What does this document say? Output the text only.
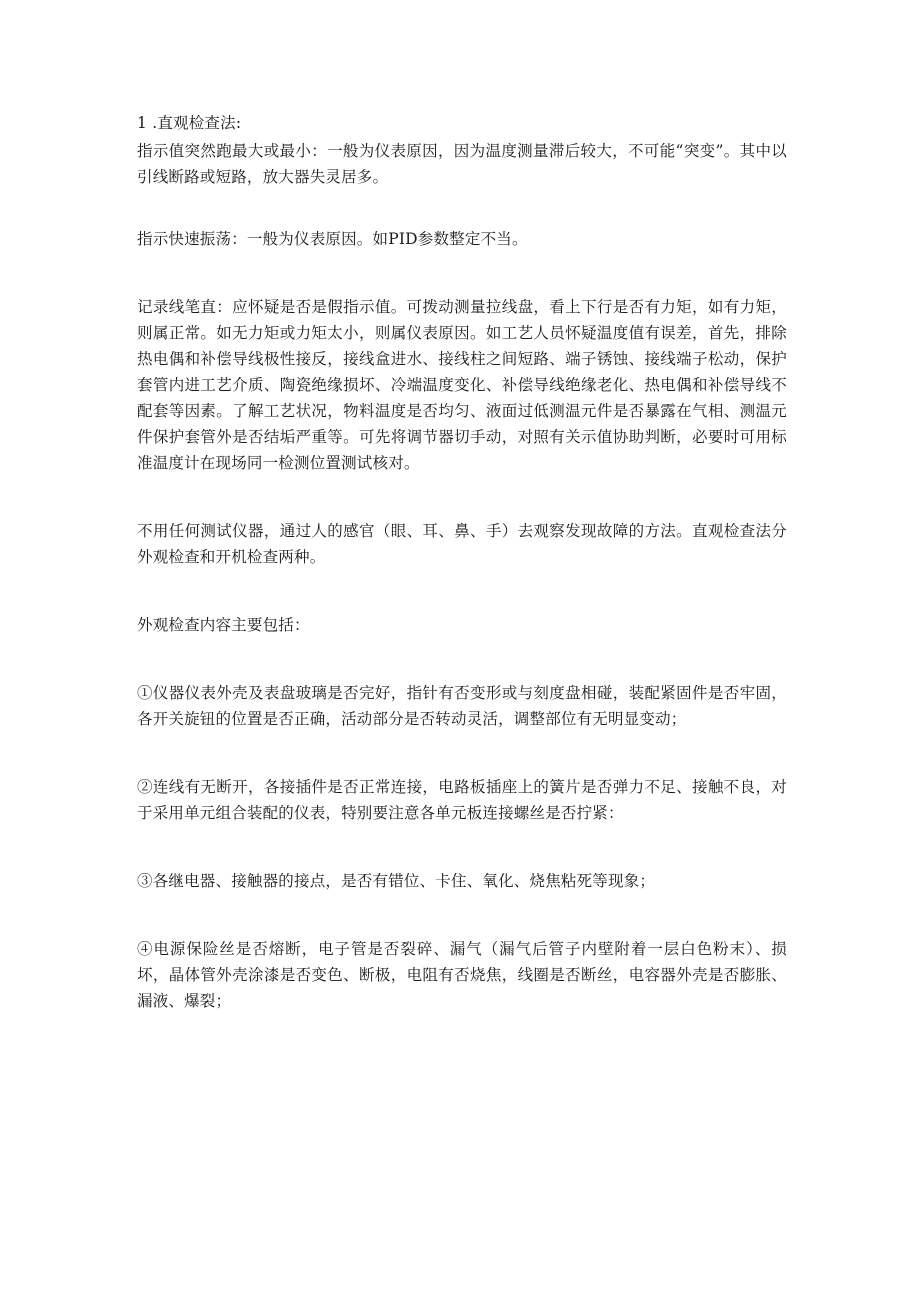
1 .直观检查法:

指示值突然跑最大或最小：一般为仪表原因，因为温度测量滞后较大，不可能“突变”。其中以引线断路或短路，放大器失灵居多。

指示快速振荡：一般为仪表原因。如PID参数整定不当。

记录线笔直：应怀疑是否是假指示值。可拨动测量拉线盘，看上下行是否有力矩，如有力矩，则属正常。如无力矩或力矩太小，则属仪表原因。如工艺人员怀疑温度值有误差，首先，排除热电偶和补偿导线极性接反，接线盒进水、接线柱之间短路、端子锈蚀、接线端子松动，保护套管内进工艺介质、陶瓷绝缘损坏、冷端温度变化、补偿导线绝缘老化、热电偶和补偿导线不配套等因素。了解工艺状况，物料温度是否均匀、液面过低测温元件是否暴露在气相、测温元件保护套管外是否结垢严重等。可先将调节器切手动，对照有关示值协助判断，必要时可用标准温度计在现场同一检测位置测试核对。

不用任何测试仪器，通过人的感官（眼、耳、鼻、手）去观察发现故障的方法。直观检查法分外观检查和开机检查两种。

外观检查内容主要包括：

①仪器仪表外壳及表盘玻璃是否完好，指针有否变形或与刻度盘相碰，装配紧固件是否牢固，各开关旋钮的位置是否正确，活动部分是否转动灵活，调整部位有无明显变动；

②连线有无断开，各接插件是否正常连接，电路板插座上的簧片是否弹力不足、接触不良，对于采用单元组合装配的仪表，特别要注意各单元板连接螺丝是否拧紧：

③各继电器、接触器的接点，是否有错位、卡住、氧化、烧焦粘死等现象；

④电源保险丝是否熔断，电子管是否裂碎、漏气（漏气后管子内壁附着一层白色粉末）、损坏，晶体管外壳涂漆是否变色、断极，电阻有否烧焦，线圈是否断丝，电容器外壳是否膨胀、漏液、爆裂；
